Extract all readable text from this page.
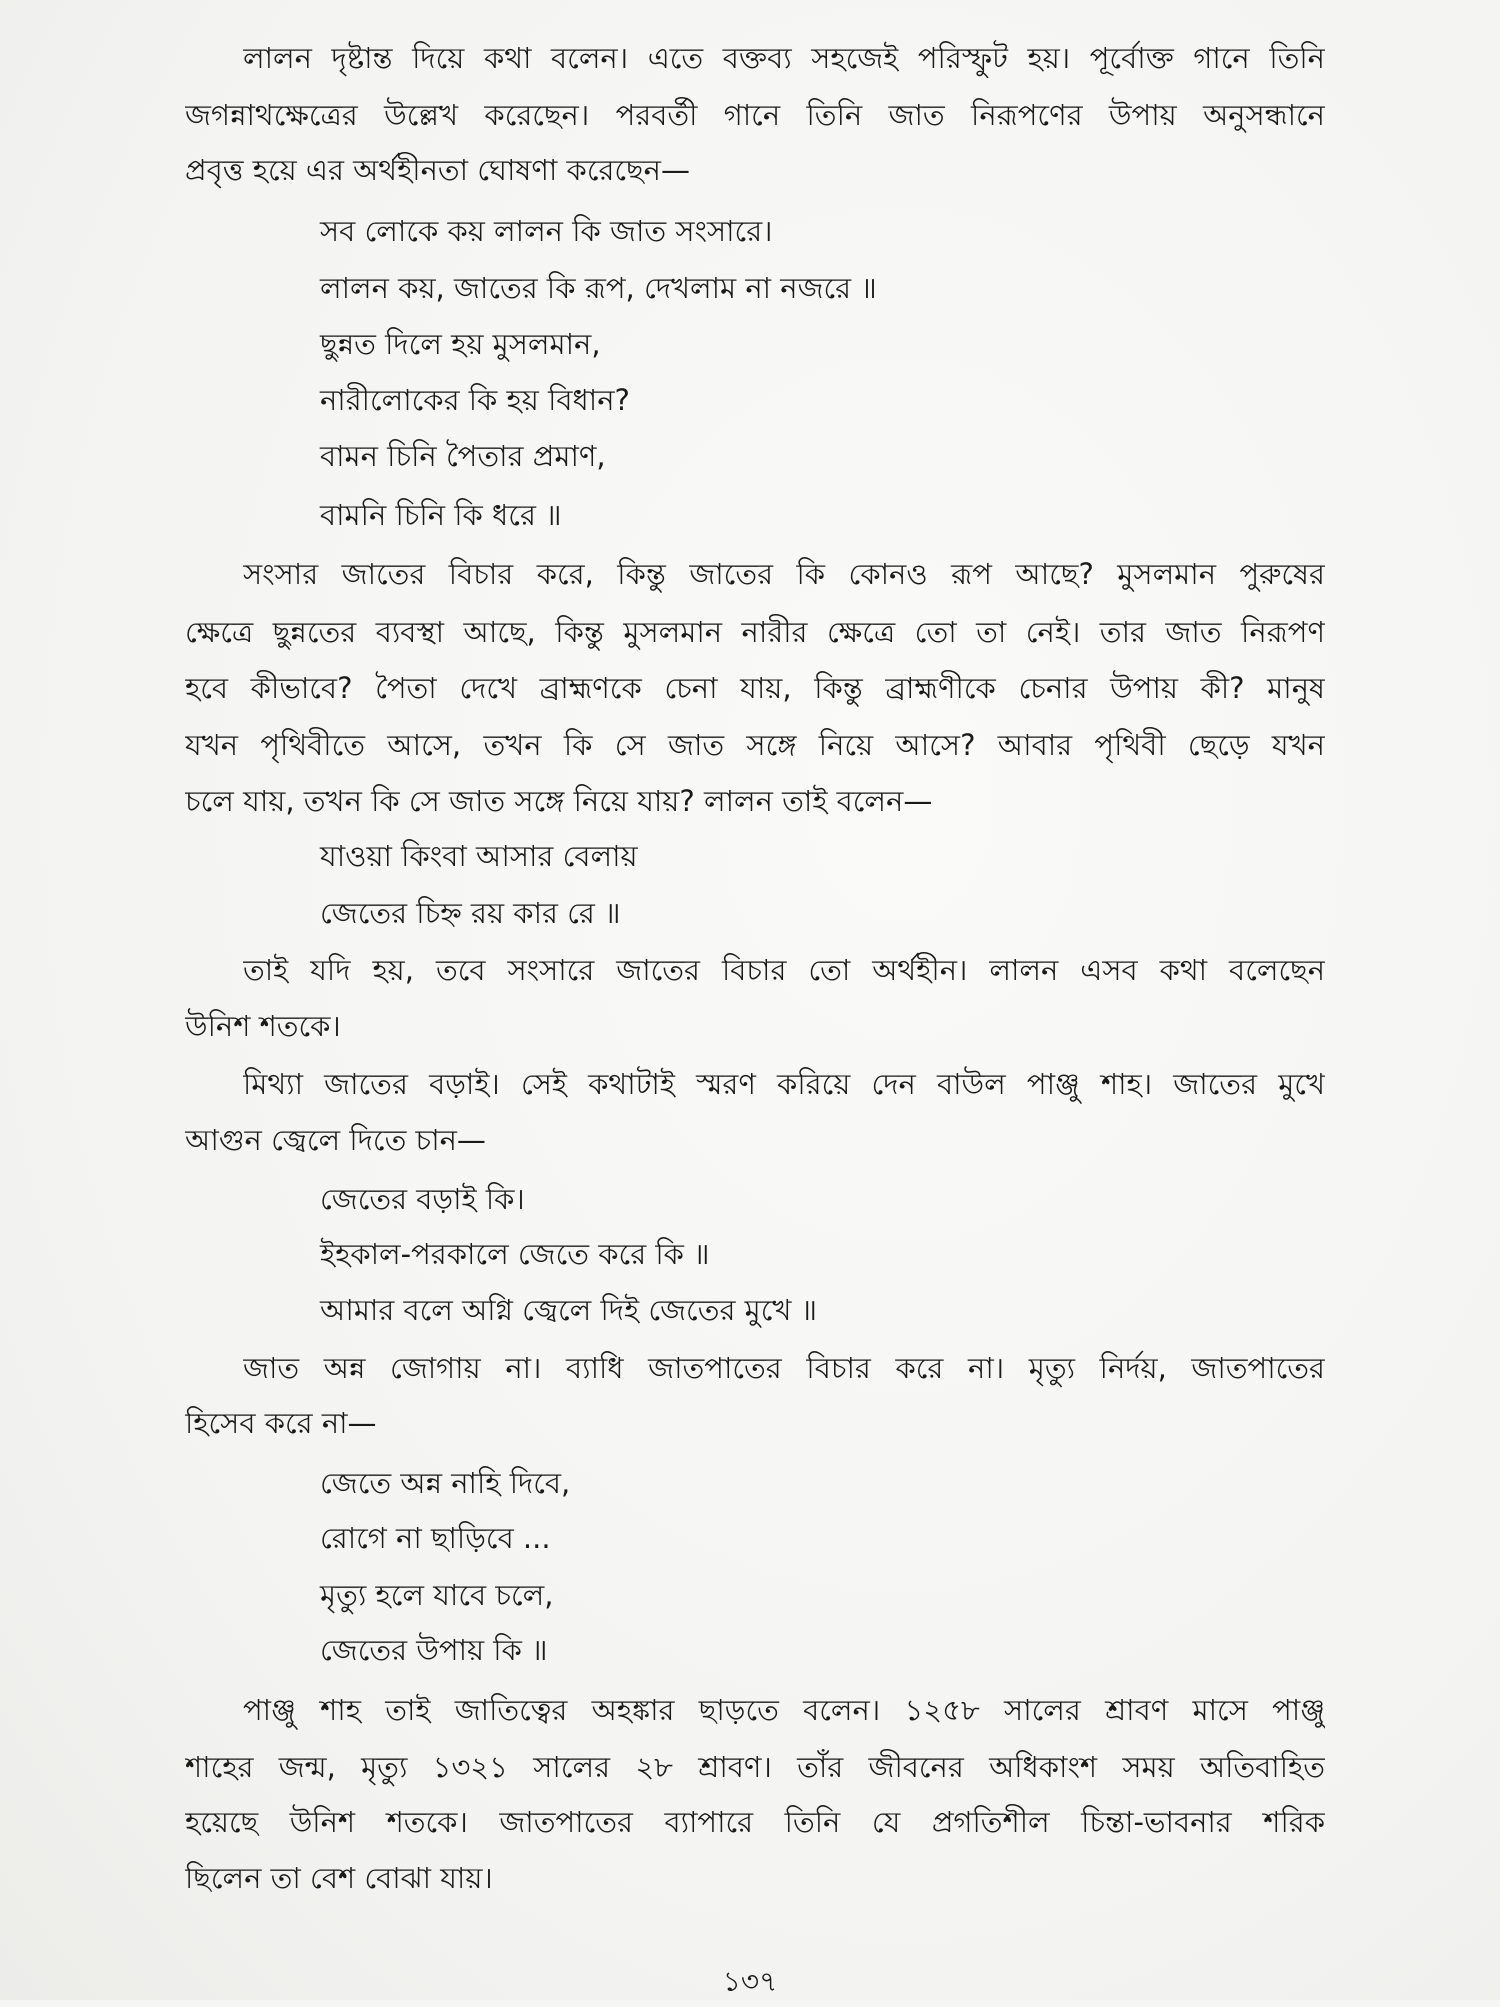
লালন দৃষ্টান্ত দিয়ে কথা বলেন। এতে বক্তব্য সহজেই পরিস্ফুট হয়। পূর্বোক্ত গানে তিনি
জগন্নাথক্ষেত্রের উল্লেখ করেছেন। পরবর্তী গানে তিনি জাত নিরূপণের উপায় অনুসন্ধানে
প্রবৃত্ত হয়ে এর অর্থহীনতা ঘোষণা করেছেন—
সব লোকে কয় লালন কি জাত সংসারে।
লালন কয়, জাতের কি রূপ, দেখলাম না নজরে ॥
ছুন্নত দিলে হয় মুসলমান,
নারীলোকের কি হয় বিধান?
বামন চিনি পৈতার প্রমাণ,
বামনি চিনি কি ধরে ॥
সংসার জাতের বিচার করে, কিন্তু জাতের কি কোনও রূপ আছে? মুসলমান পুরুষের
ক্ষেত্রে ছুন্নতের ব্যবস্থা আছে, কিন্তু মুসলমান নারীর ক্ষেত্রে তো তা নেই। তার জাত নিরূপণ
হবে কীভাবে? পৈতা দেখে ব্রাহ্মণকে চেনা যায়, কিন্তু ব্রাহ্মণীকে চেনার উপায় কী? মানুষ
যখন পৃথিবীতে আসে, তখন কি সে জাত সঙ্গে নিয়ে আসে? আবার পৃথিবী ছেড়ে যখন
চলে যায়, তখন কি সে জাত সঙ্গে নিয়ে যায়? লালন তাই বলেন—
যাওয়া কিংবা আসার বেলায়
জেতের চিহ্ন রয় কার রে ॥
তাই যদি হয়, তবে সংসারে জাতের বিচার তো অর্থহীন। লালন এসব কথা বলেছেন
উনিশ শতকে।
মিথ্যা জাতের বড়াই। সেই কথাটাই স্মরণ করিয়ে দেন বাউল পাঞ্জু শাহ। জাতের মুখে
আগুন জ্বেলে দিতে চান—
জেতের বড়াই কি।
ইহকাল-পরকালে জেতে করে কি ॥
আমার বলে অগ্নি জ্বেলে দিই জেতের মুখে ॥
জাত অন্ন জোগায় না। ব্যাধি জাতপাতের বিচার করে না। মৃত্যু নির্দয়, জাতপাতের
হিসেব করে না—
জেতে অন্ন নাহি দিবে,
রোগে না ছাড়িবে ...
মৃত্যু হলে যাবে চলে,
জেতের উপায় কি ॥
পাঞ্জু শাহ তাই জাতিত্বের অহঙ্কার ছাড়তে বলেন। ১২৫৮ সালের শ্রাবণ মাসে পাঞ্জু
শাহের জন্ম, মৃত্যু ১৩২১ সালের ২৮ শ্রাবণ। তাঁর জীবনের অধিকাংশ সময় অতিবাহিত
হয়েছে উনিশ শতকে। জাতপাতের ব্যাপারে তিনি যে প্রগতিশীল চিন্তা-ভাবনার শরিক
ছিলেন তা বেশ বোঝা যায়।
১৩৭
